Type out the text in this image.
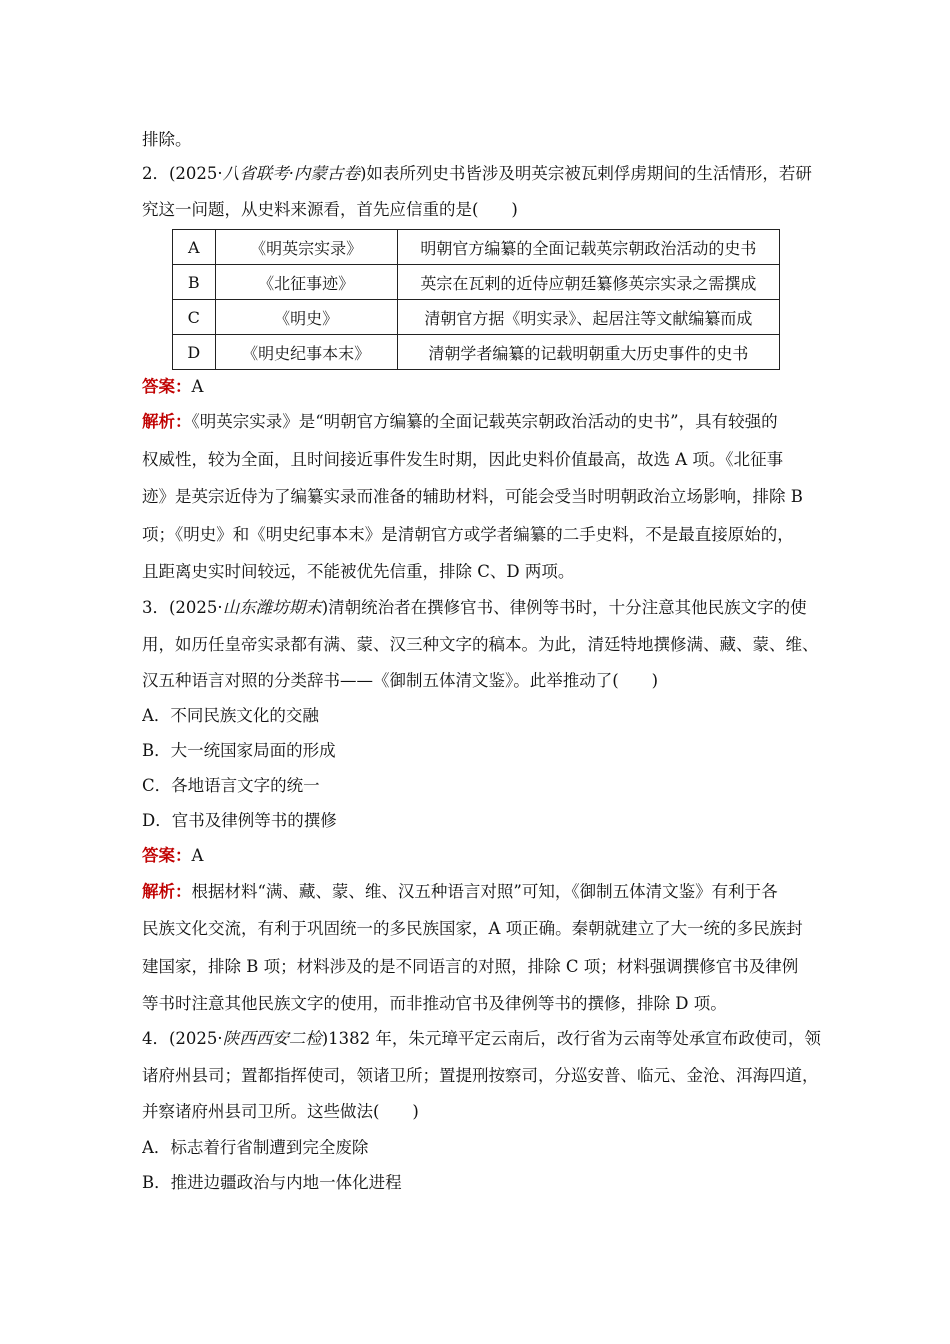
排除。
2．(2025·八省联考·内蒙古卷)如表所列史书皆涉及明英宗被瓦剌俘虏期间的生活情形，若研
究这一问题，从史料来源看，首先应信重的是(　　)
A	《明英宗实录》	明朝官方编纂的全面记载英宗朝政治活动的史书
B	《北征事迹》	英宗在瓦剌的近侍应朝廷纂修英宗实录之需撰成
C	《明史》	清朝官方据《明实录》、起居注等文献编纂而成
D	《明史纪事本末》	清朝学者编纂的记载明朝重大历史事件的史书
答案：A
解析：《明英宗实录》是“明朝官方编纂的全面记载英宗朝政治活动的史书”，具有较强的
权威性，较为全面，且时间接近事件发生时期，因此史料价值最高，故选 A 项。《北征事
迹》是英宗近侍为了编纂实录而准备的辅助材料，可能会受当时明朝政治立场影响，排除 B
项；《明史》和《明史纪事本末》是清朝官方或学者编纂的二手史料，不是最直接原始的，
且距离史实时间较远，不能被优先信重，排除 C、D 两项。
3．(2025·山东潍坊期末)清朝统治者在撰修官书、律例等书时，十分注意其他民族文字的使
用，如历任皇帝实录都有满、蒙、汉三种文字的稿本。为此，清廷特地撰修满、藏、蒙、维、
汉五种语言对照的分类辞书——《御制五体清文鉴》。此举推动了(　　)
A．不同民族文化的交融
B．大一统国家局面的形成
C．各地语言文字的统一
D．官书及律例等书的撰修
答案：A
解析：根据材料“满、藏、蒙、维、汉五种语言对照”可知，《御制五体清文鉴》有利于各
民族文化交流，有利于巩固统一的多民族国家，A 项正确。秦朝就建立了大一统的多民族封
建国家，排除 B 项；材料涉及的是不同语言的对照，排除 C 项；材料强调撰修官书及律例
等书时注意其他民族文字的使用，而非推动官书及律例等书的撰修，排除 D 项。
4．(2025·陕西西安二检)1382 年，朱元璋平定云南后，改行省为云南等处承宣布政使司，领
诸府州县司；置都指挥使司，领诸卫所；置提刑按察司，分巡安普、临元、金沧、洱海四道，
并察诸府州县司卫所。这些做法(　　)
A．标志着行省制遭到完全废除
B．推进边疆政治与内地一体化进程
